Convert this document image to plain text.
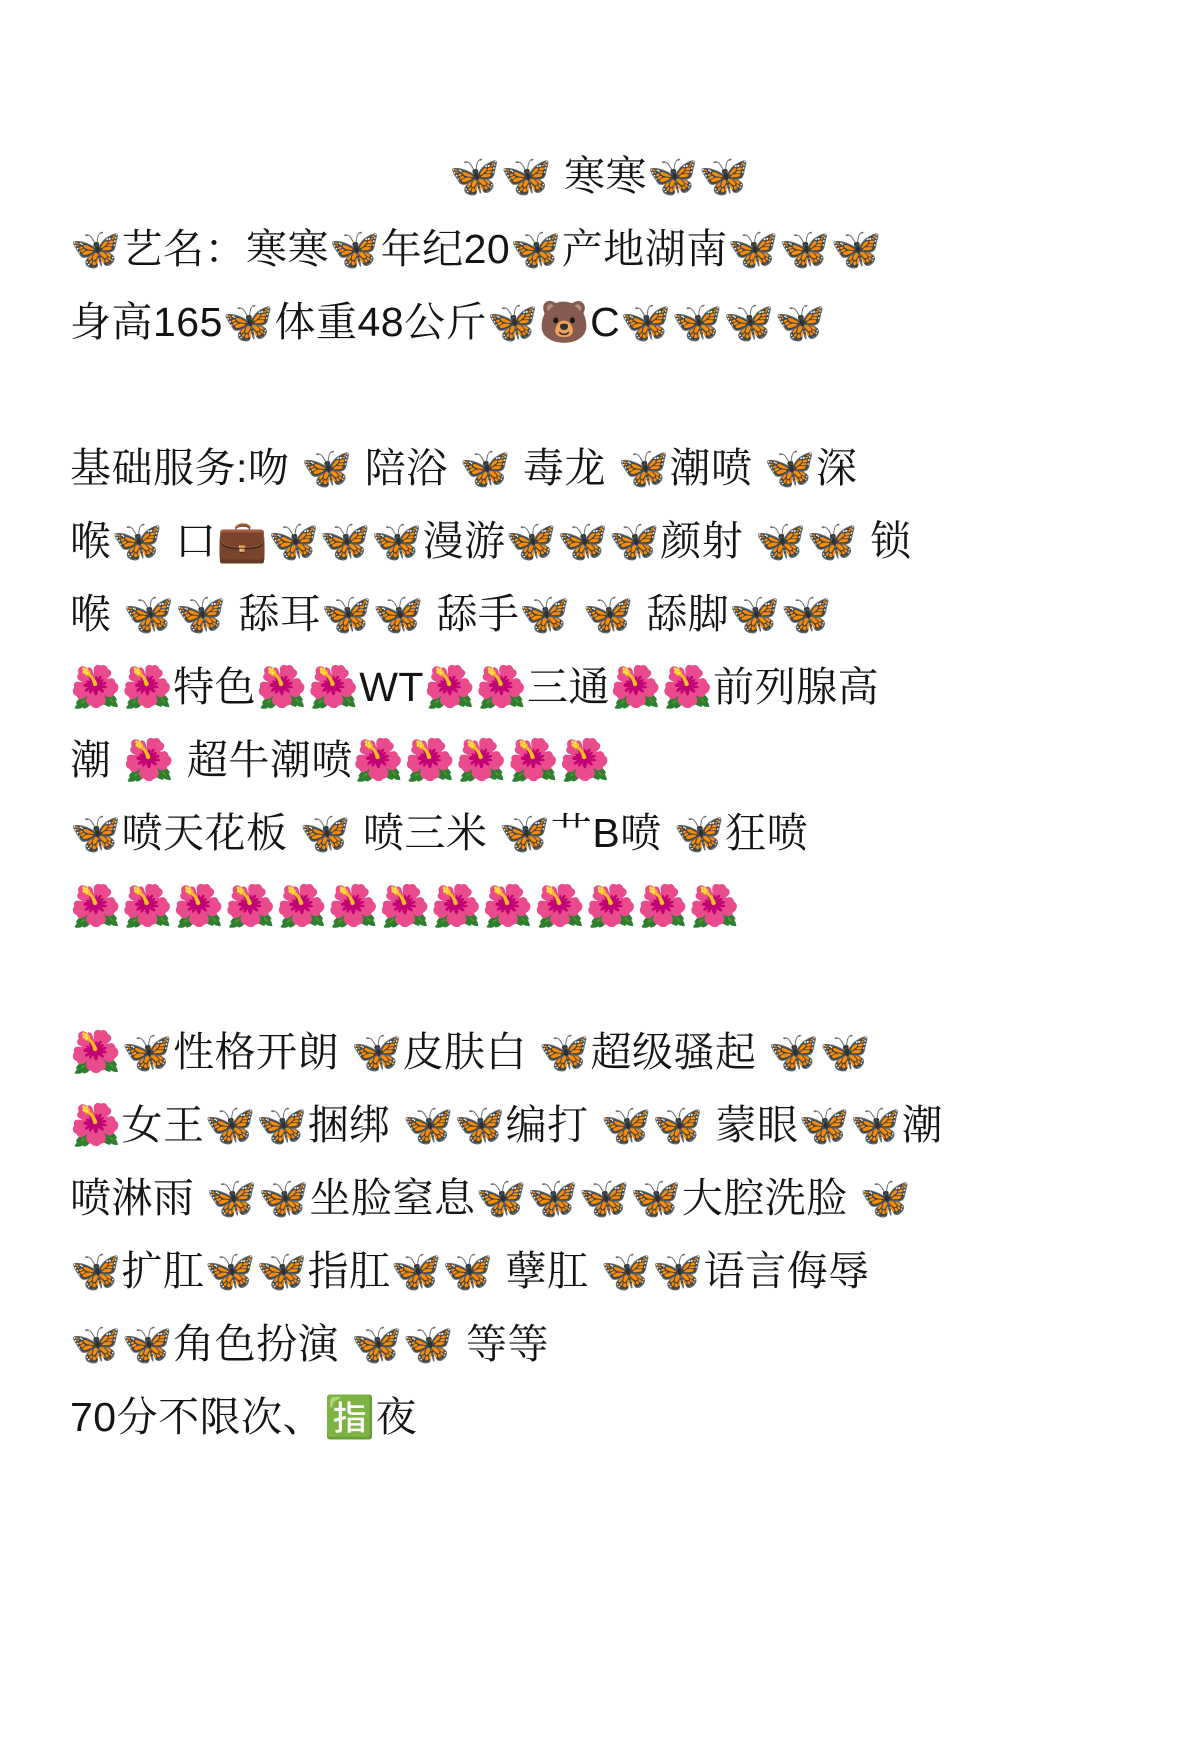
🦋🦋 寒寒🦋🦋
🦋艺名：寒寒🦋年纪20🦋产地湖南🦋🦋🦋
身高165🦋体重48公斤🦋🐻C🦋🦋🦋🦋
基础服务:吻 🦋 陪浴 🦋 毒龙 🦋潮喷 🦋深
喉🦋 口💼🦋🦋🦋漫游🦋🦋🦋颜射 🦋🦋 锁
喉 🦋🦋 舔耳🦋🦋 舔手🦋 🦋 舔脚🦋🦋
🌺🌺特色🌺🌺WT🌺🌺三通🌺🌺前列腺高
潮 🌺 超牛潮喷🌺🌺🌺🌺🌺
🦋喷天花板 🦋 喷三米 🦋艹B喷 🦋狂喷
🌺🌺🌺🌺🌺🌺🌺🌺🌺🌺🌺🌺🌺
🌺🦋性格开朗 🦋皮肤白 🦋超级骚起 🦋🦋
🌺女王🦋🦋捆绑 🦋🦋编打 🦋🦋 蒙眼🦋🦋潮
喷淋雨 🦋🦋坐脸窒息🦋🦋🦋🦋大腔洗脸 🦋
🦋扩肛🦋🦋指肛🦋🦋 孽肛 🦋🦋语言侮辱
🦋🦋角色扮演 🦋🦋 等等
70分不限次、🈯夜
